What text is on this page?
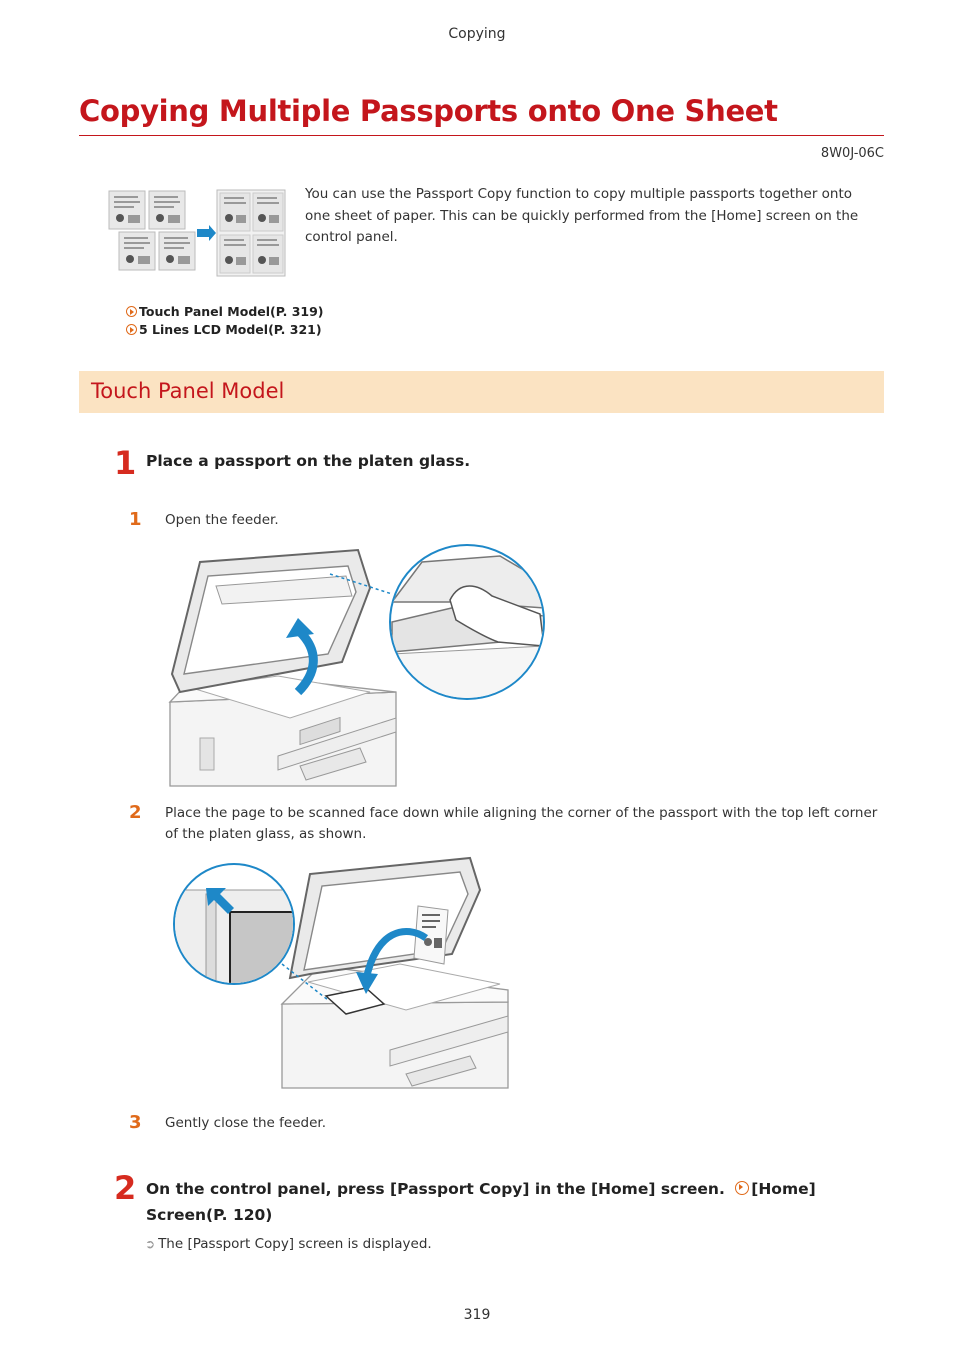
Copying
Copying Multiple Passports onto One Sheet
8W0J-06C
You can use the Passport Copy function to copy multiple passports together onto one sheet of paper. This can be quickly performed from the [Home] screen on the control panel.
Touch Panel Model(P. 319)
5 Lines LCD Model(P. 321)
Touch Panel Model
1 Place a passport on the platen glass.
1 Open the feeder.
2 Place the page to be scanned face down while aligning the corner of the passport with the top left corner of the platen glass, as shown.
3 Gently close the feeder.
2 On the control panel, press [Passport Copy] in the [Home] screen. [Home] Screen(P. 120)
➲ The [Passport Copy] screen is displayed.
319
